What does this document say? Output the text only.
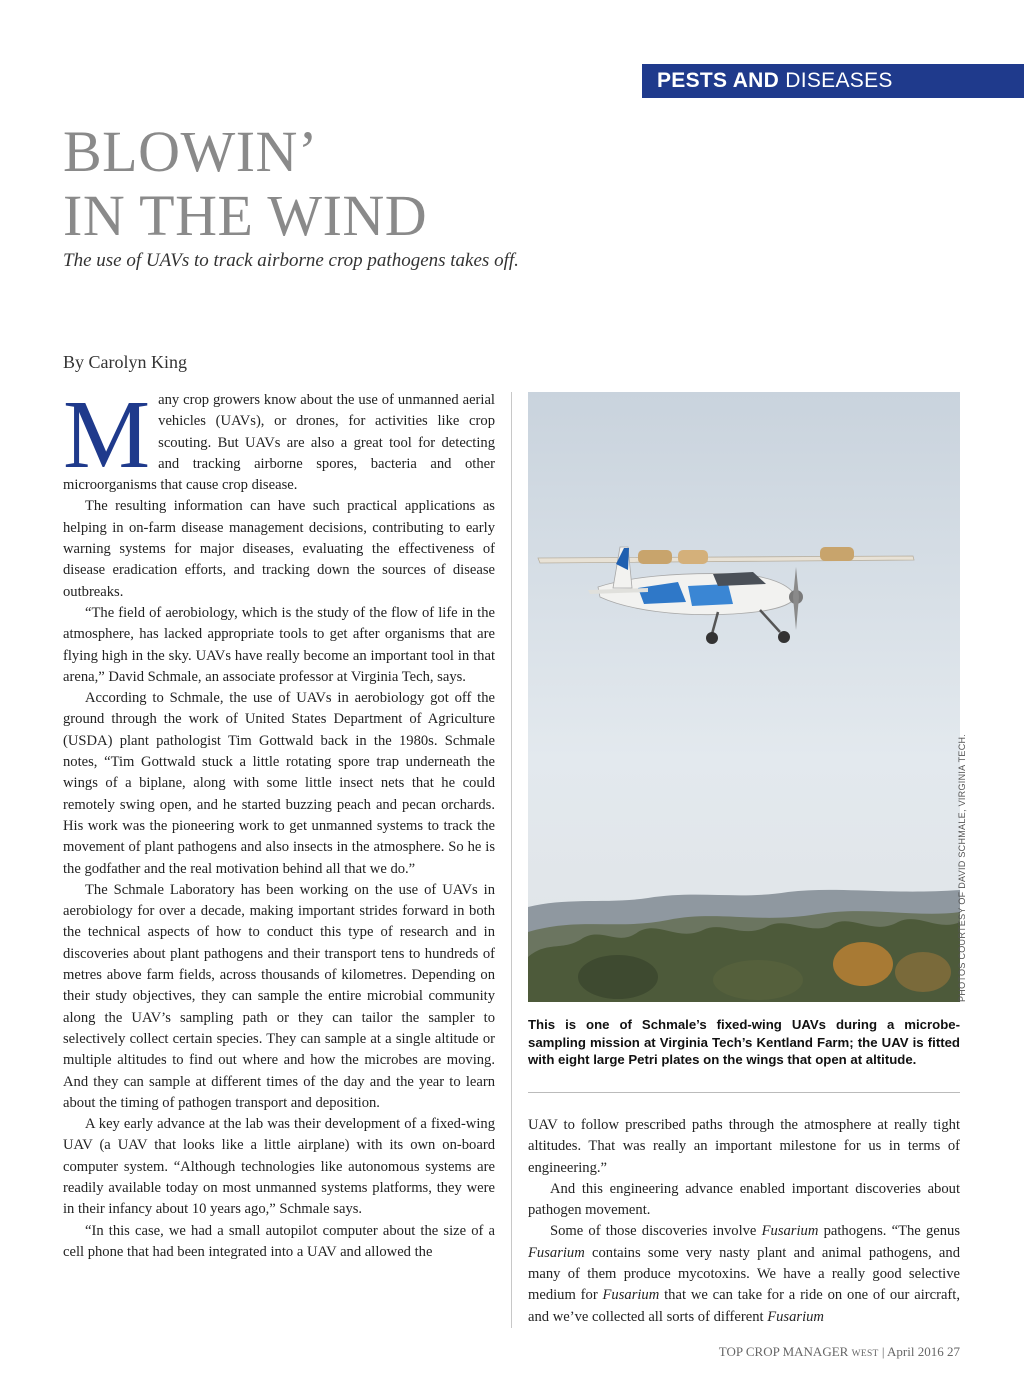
PESTS AND DISEASES
BLOWIN’
IN THE WIND
The use of UAVs to track airborne crop pathogens takes off.
By Carolyn King

Many crop growers know about the use of unmanned aerial vehicles (UAVs), or drones, for activities like crop scouting. But UAVs are also a great tool for detecting and tracking airborne spores, bacteria and other microorganisms that cause crop disease.

The resulting information can have such practical applications as helping in on-farm disease management decisions, contributing to early warning systems for major diseases, evaluating the effectiveness of disease eradication efforts, and tracking down the sources of disease outbreaks.

“The field of aerobiology, which is the study of the flow of life in the atmosphere, has lacked appropriate tools to get after organisms that are flying high in the sky. UAVs have really become an important tool in that arena,” David Schmale, an associate professor at Virginia Tech, says.

According to Schmale, the use of UAVs in aerobiology got off the ground through the work of United States Department of Agriculture (USDA) plant pathologist Tim Gottwald back in the 1980s. Schmale notes, “Tim Gottwald stuck a little rotating spore trap underneath the wings of a biplane, along with some little insect nets that he could remotely swing open, and he started buzzing peach and pecan orchards. His work was the pioneering work to get unmanned systems to track the movement of plant pathogens and also insects in the atmosphere. So he is the godfather and the real motivation behind all that we do.”

The Schmale Laboratory has been working on the use of UAVs in aerobiology for over a decade, making important strides forward in both the technical aspects of how to conduct this type of research and in discoveries about plant pathogens and their transport tens to hundreds of metres above farm fields, across thousands of kilometres. Depending on their study objectives, they can sample the entire microbial community along the UAV’s sampling path or they can tailor the sampler to selectively collect certain species. They can sample at a single altitude or multiple altitudes to find out where and how the microbes are moving. And they can sample at different times of the day and the year to learn about the timing of pathogen transport and deposition.

A key early advance at the lab was their development of a fixed-wing UAV (a UAV that looks like a little airplane) with its own on-board computer system. “Although technologies like autonomous systems are readily available today on most unmanned systems platforms, they were in their infancy about 10 years ago,” Schmale says.

“In this case, we had a small autopilot computer about the size of a cell phone that had been integrated into a UAV and allowed the

PHOTOS COURTESY OF DAVID SCHMALE, VIRGINIA TECH.
This is one of Schmale’s fixed-wing UAVs during a microbe-sampling mission at Virginia Tech’s Kentland Farm; the UAV is fitted with eight large Petri plates on the wings that open at altitude.

UAV to follow prescribed paths through the atmosphere at really tight altitudes. That was really an important milestone for us in terms of engineering.”

And this engineering advance enabled important discoveries about pathogen movement.

Some of those discoveries involve Fusarium pathogens. “The genus Fusarium contains some very nasty plant and animal pathogens, and many of them produce mycotoxins. We have a really good selective medium for Fusarium that we can take for a ride on one of our aircraft, and we’ve collected all sorts of different Fusarium

TOP CROP MANAGER WEST | April 2016 27
